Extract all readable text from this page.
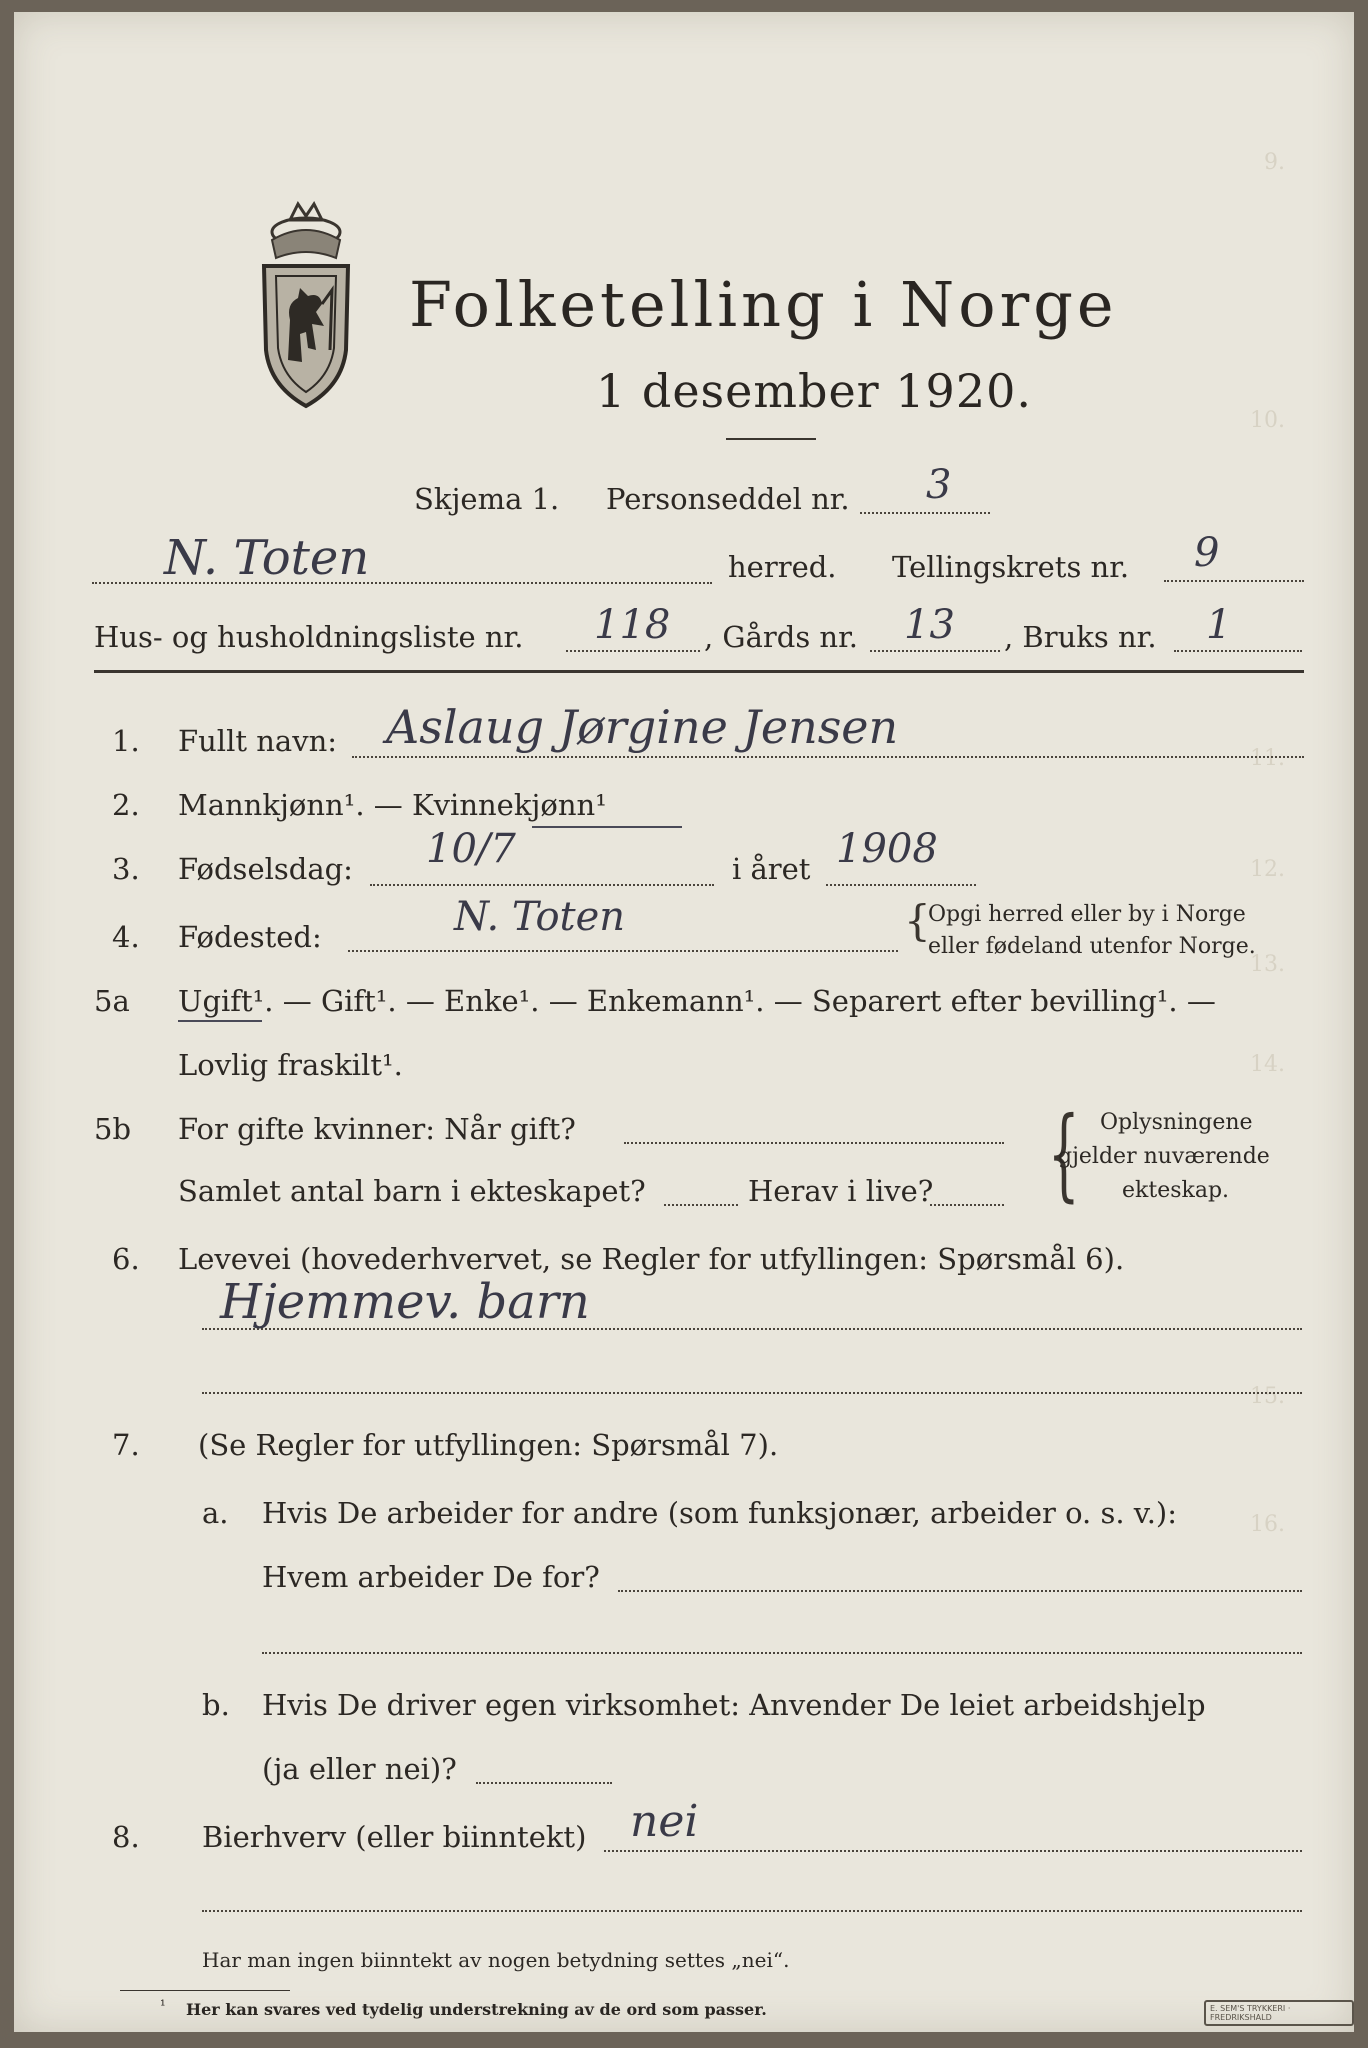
9.
10.
11.
12.
13.
14.
15.
16.
Folketelling i Norge
1 desember 1920.
Skjema 1. Personseddel nr. 3
N. Toten	herred. Tellingskrets nr. 9
Hus- og husholdningsliste nr. 118 , Gårds nr. 13 , Bruks nr. 1
1. Fullt navn: Aslaug Jørgine Jensen
2. Mannkjønn¹. — Kvinnekjønn¹
3. Fødselsdag: 10/7	i året 1908
4. Fødested:	N. Toten	{
Opgi herred eller by i Norge
eller fødeland utenfor Norge.
5a Ugift¹. — Gift¹. — Enke¹. — Enkemann¹. — Separert efter bevilling¹. —
Lovlig fraskilt¹.
5b For gifte kvinner: Når gift?
Samlet antal barn i ekteskapet?	Herav i live? { Oplysningene
gjelder nuværende
ekteskap.
6. Levevei (hovederhvervet, se Regler for utfyllingen: Spørsmål 6).
Hjemmev. barn
7. (Se Regler for utfyllingen: Spørsmål 7).
a. Hvis De arbeider for andre (som funksjonær, arbeider o. s. v.):
Hvem arbeider De for?
b. Hvis De driver egen virksomhet: Anvender De leiet arbeidshjelp
(ja eller nei)?
8. Bierhverv (eller biinntekt) nei
Har man ingen biinntekt av nogen betydning settes „nei“.
¹ Her kan svares ved tydelig understrekning av de ord som passer.	E. SEM'S TRYKKERI · FREDRIKSHALD
